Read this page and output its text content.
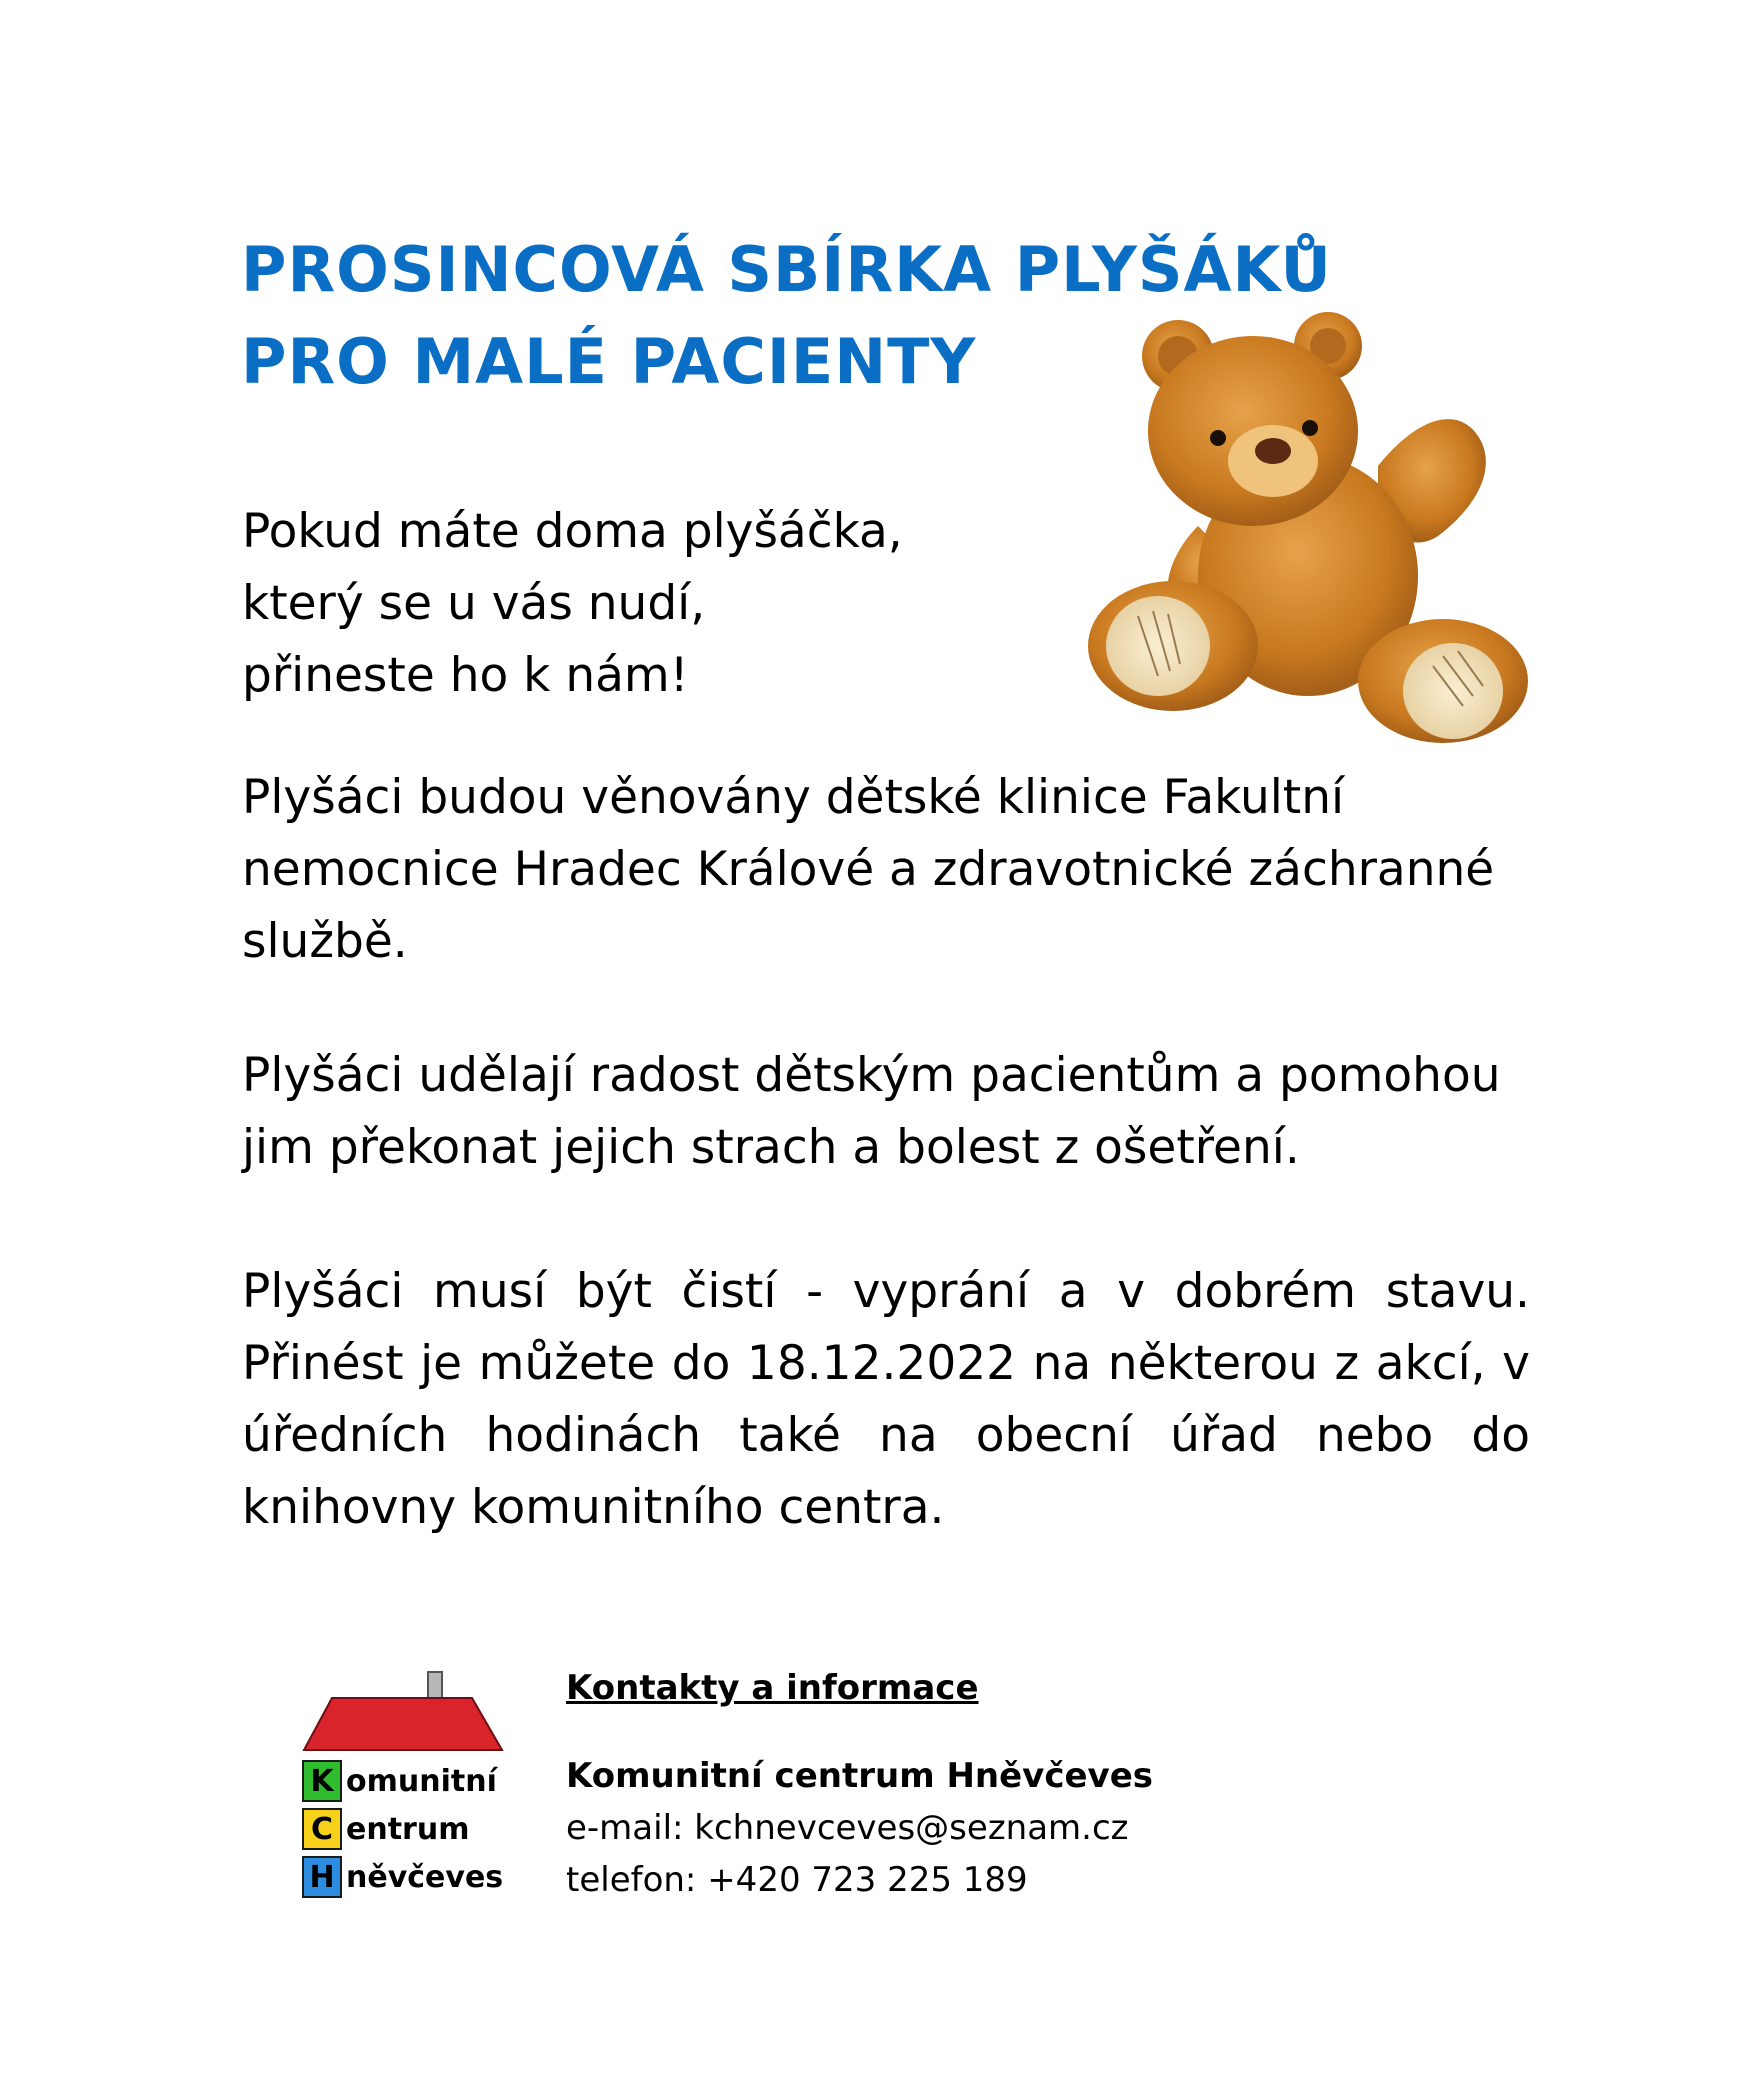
PROSINCOVÁ SBÍRKA PLYŠÁKŮ
PRO MALÉ PACIENTY
Pokud máte doma plyšáčka,
který se u vás nudí,
přineste ho k nám!

Plyšáci budou věnovány dětské klinice Fakultní nemocnice Hradec Králové a zdravotnické záchranné službě.

Plyšáci udělají radost dětským pacientům a pomohou jim překonat jejich strach a bolest z ošetření.

Plyšáci musí být čistí - vyprání a v dobrém stavu. Přinést je můžete do 18.12.2022 na některou z akcí, v úředních hodinách také na obecní úřad nebo do knihovny komunitního centra.

K omunitní
C entrum
H něvčeves
Kontakty a informace
Komunitní centrum Hněvčeves
e-mail: kchnevceves@seznam.cz
telefon: +420 723 225 189
